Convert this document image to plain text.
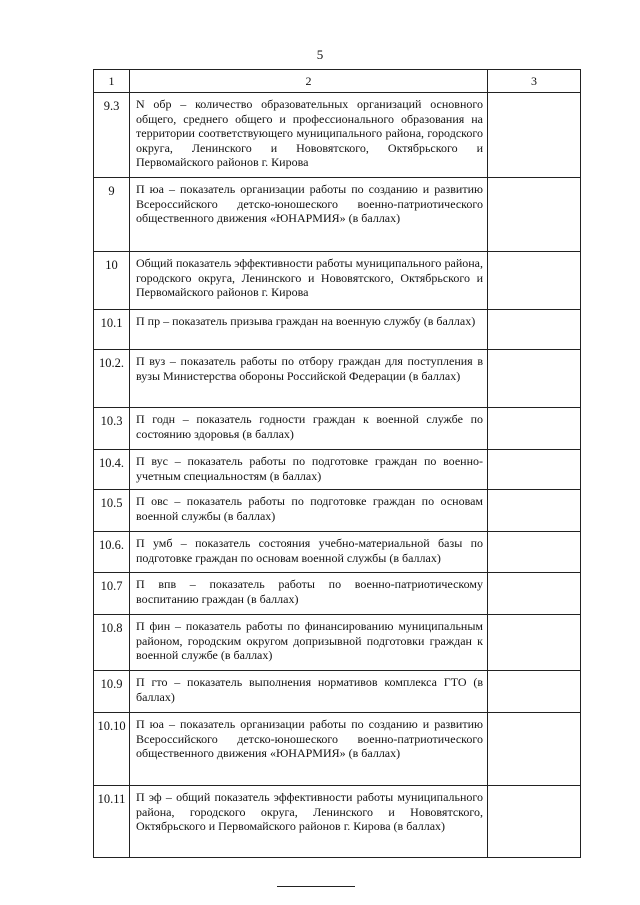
5
1	2	3

9.3	N обр – количество образовательных организаций основного общего, среднего общего и профессионального образования на территории соответствующего муниципального района, городского округа, Ленинского и Нововятского, Октябрьского и Первомайского районов г. Кирова	

9	П юа – показатель организации работы по созданию и развитию Всероссийского детско-юношеского военно-патриотического общественного движения «ЮНАРМИЯ» (в баллах)	

10	Общий показатель эффективности работы муниципального района, городского округа, Ленинского и Нововятского, Октябрьского и Первомайского районов г. Кирова	

10.1	П пр – показатель призыва граждан на военную службу (в баллах)	

10.2.	П вуз – показатель работы по отбору граждан для поступления в вузы Министерства обороны Российской Федерации (в баллах)	

10.3	П годн – показатель годности граждан к военной службе по состоянию здоровья (в баллах)	

10.4.	П вус – показатель работы по подготовке граждан по военно-учетным специальностям (в баллах)	

10.5	П овс – показатель работы по подготовке граждан по основам военной службы (в баллах)	

10.6.	П умб – показатель состояния учебно-материальной базы по подготовке граждан по основам военной службы (в баллах)	

10.7	П впв – показатель работы по военно-патриотическому воспитанию граждан (в баллах)	

10.8	П фин – показатель работы по финансированию муниципальным районом, городским округом допризывной подготовки граждан к военной службе (в баллах)	

10.9	П гто – показатель выполнения нормативов комплекса ГТО (в баллах)	

10.10	П юа – показатель организации работы по созданию и развитию Всероссийского детско-юношеского военно-патриотического общественного движения «ЮНАРМИЯ» (в баллах)	

10.11	П эф – общий показатель эффективности работы муниципального района, городского округа, Ленинского и Нововятского, Октябрьского и Первомайского районов г. Кирова (в баллах)	
